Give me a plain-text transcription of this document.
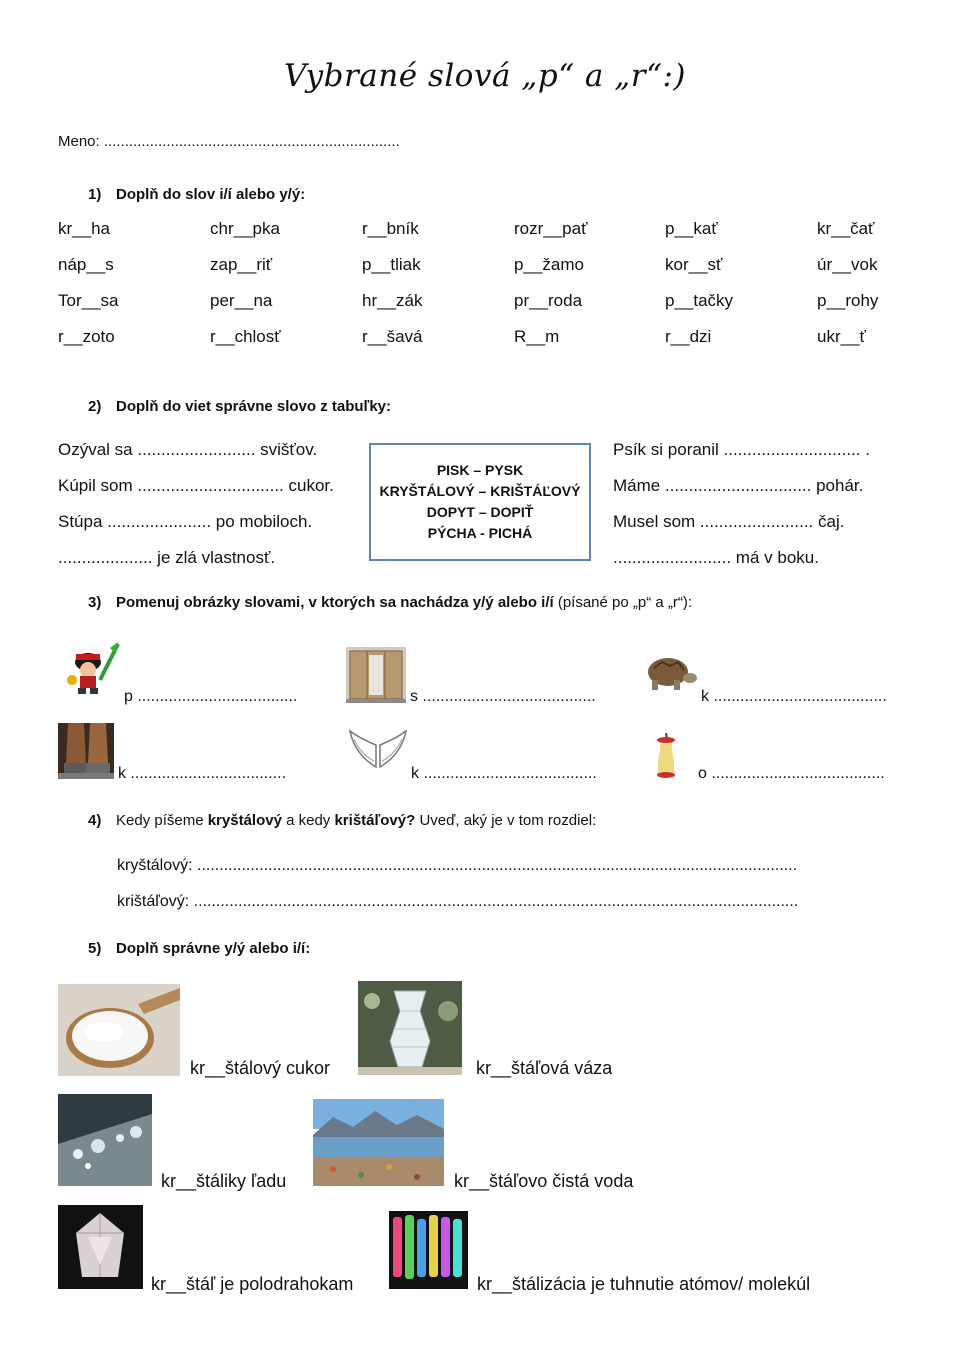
Vybrané slová „p“ a „r“:)
Meno: .......................................................................
1) Doplň do slov i/í alebo y/ý:
kr__ha	chr__pka	r__bník	rozr__pať	p__kať	kr__čať
náp__s	zap__riť	p__tliak	p__žamo	kor__sť	úr__vok
Tor__sa	per__na	hr__zák	pr__roda	p__tačky	p__rohy
r__zoto	r__chlosť	r__šavá	R__m	r__dzi	ukr__ť
2) Doplň do viet správne slovo z tabuľky:
Ozýval sa ......................... svišťov.
Kúpil som ............................... cukor.
Stúpa ...................... po mobiloch.
.................... je zlá vlastnosť.
PISK – PYSK
KRYŠTÁLOVÝ – KRIŠTÁĽOVÝ
DOPYT – DOPIŤ
PÝCHA - PICHÁ
Psík si poranil ............................. .
Máme ............................... pohár.
Musel som ........................ čaj.
......................... má v boku.
3) Pomenuj obrázky slovami, v ktorých sa nachádza y/ý alebo i/í (písané po „p“ a „r“):
p ....................................	s .......................................	k .......................................
k ...................................	k .......................................	o .......................................
4) Kedy píšeme kryštálový a kedy krištáľový? Uveď, aký je v tom rozdiel:
kryštálový: .......................................................................................................................................
krištáľový: ........................................................................................................................................
5) Doplň správne y/ý alebo i/í:
kr__štálový cukor	kr__štáľová váza
kr__štáliky ľadu	kr__štáľovo čistá voda
kr__štáľ je polodrahokam	kr__štálizácia je tuhnutie atómov/ molekúl
